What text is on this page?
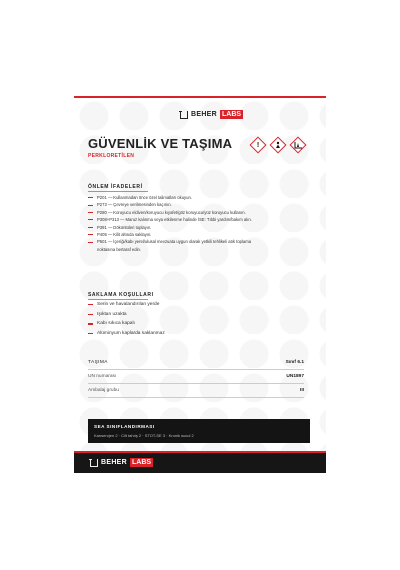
BEHER LABS
GÜVENLİK VE TAŞIMA
PERKLORETİLEN
!
ÖNLEM İFADELERİ
P201 — Kullanmadan önce özel talimatları okuyun.
P273 — Çevreye verilmesinden kaçının.
P280 — Koruyucu eldiven/koruyucu kıyafet/göz koruyucu/yüz koruyucu kullanın.
P308+P313 — Maruz kalınma veya etkilenme halinde İSE: Tıbbi yardım/bakım alın.
P391 — Döküntüleri toplayın.
P405 — Kilit altında saklayın.
P501 — İçeriği/kabı yerel/ulusal mevzuata uygun olarak yetkili tehlikeli atık toplama noktasına bertaraf edin.
SAKLAMA KOŞULLARI
Serin ve havalandırılan yerde
Işıktan uzakta
Kabı sıkıca kapalı
Alüminyum kaplarda saklanmaz
TAŞIMA	Sınıf 6.1
UN numarası	UN1897
Ambalaj grubu	III
SEA SINIFLANDIRMASI
Kanserojen 2 · Cilt tahriş 2 · STOT-SE 3 · Kronik sucul 2
BEHER LABS
